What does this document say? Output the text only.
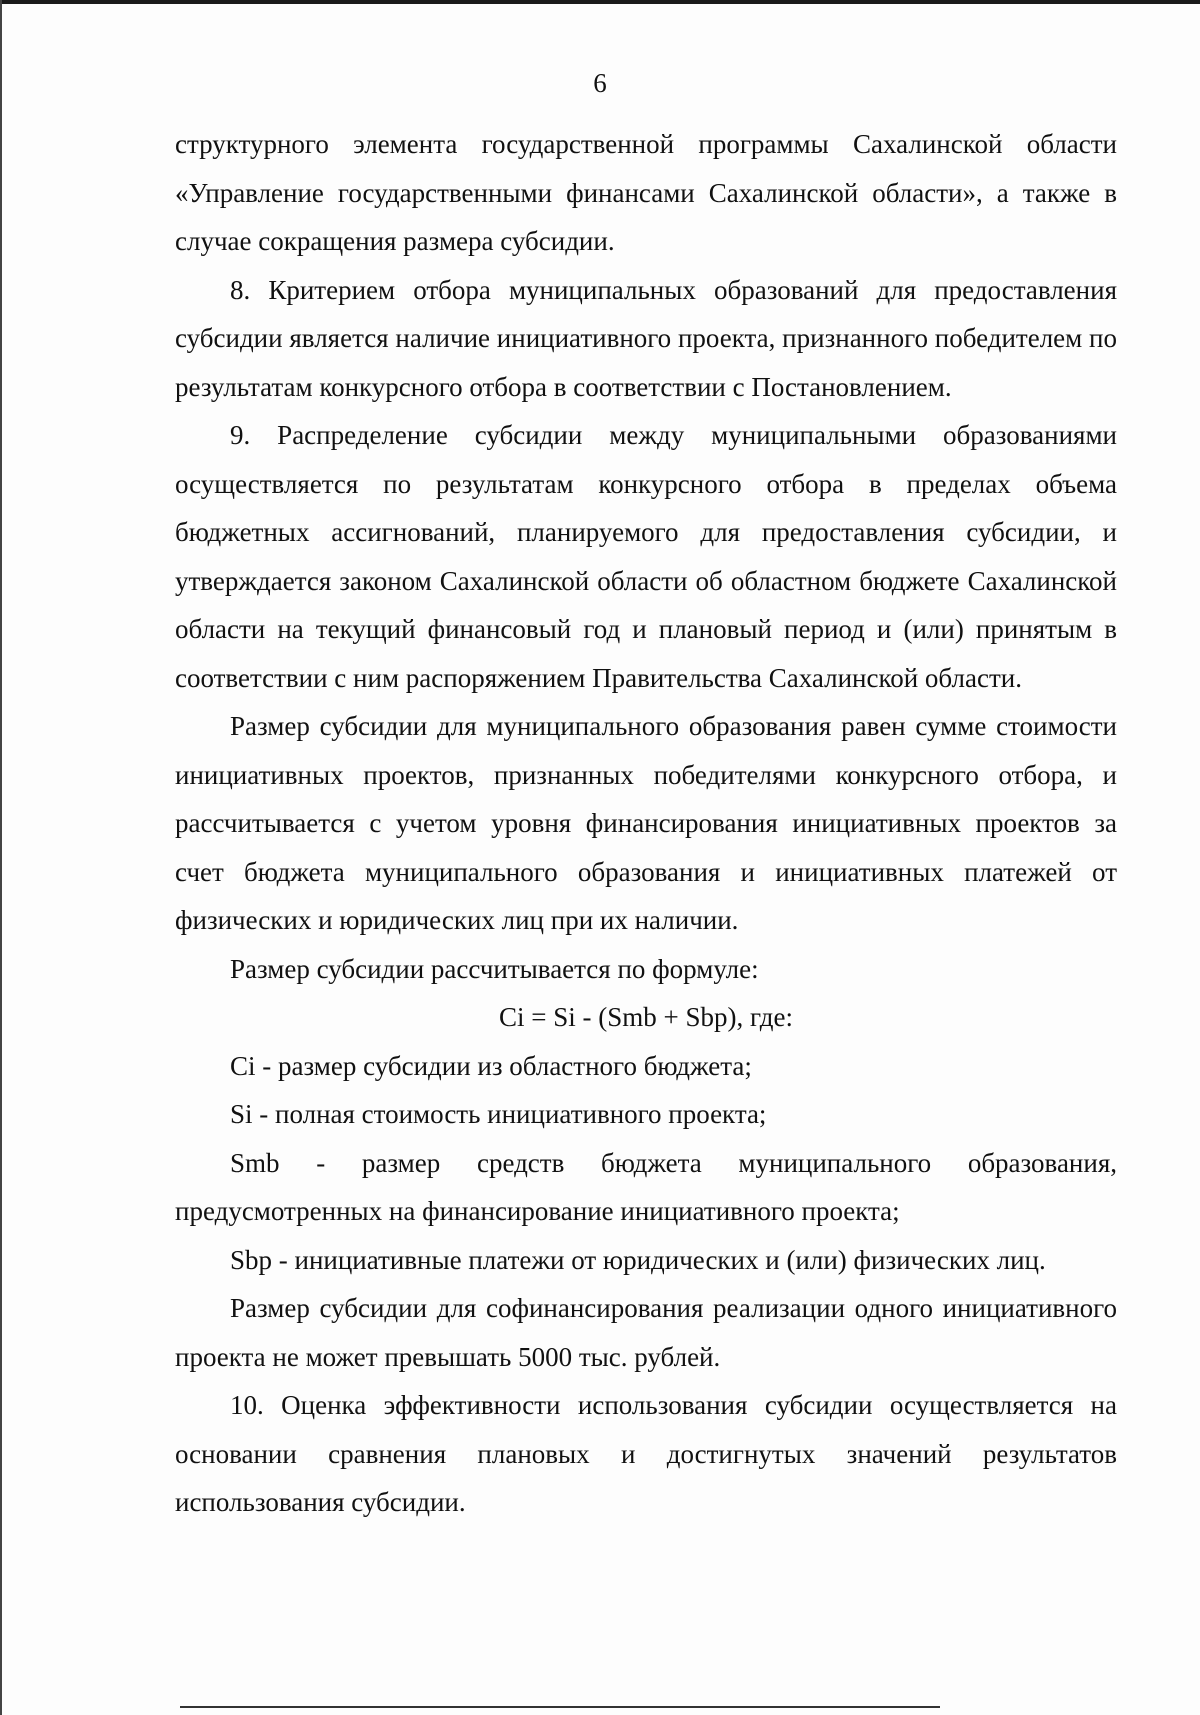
6

структурного элемента государственной программы Сахалинской области «Управление государственными финансами Сахалинской области», а также в случае сокращения размера субсидии.

8. Критерием отбора муниципальных образований для предоставления субсидии является наличие инициативного проекта, признанного победителем по результатам конкурсного отбора в соответствии с Постановлением.

9. Распределение субсидии между муниципальными образованиями осуществляется по результатам конкурсного отбора в пределах объема бюджетных ассигнований, планируемого для предоставления субсидии, и утверждается законом Сахалинской области об областном бюджете Сахалинской области на текущий финансовый год и плановый период и (или) принятым в соответствии с ним распоряжением Правительства Сахалинской области.

Размер субсидии для муниципального образования равен сумме стоимости инициативных проектов, признанных победителями конкурсного отбора, и рассчитывается с учетом уровня финансирования инициативных проектов за счет бюджета муниципального образования и инициативных платежей от физических и юридических лиц при их наличии.

Размер субсидии рассчитывается по формуле:

Ci = Si - (Smb + Sbp), где:

Ci - размер субсидии из областного бюджета;

Si - полная стоимость инициативного проекта;

Smb - размер средств бюджета муниципального образования, предусмотренных на финансирование инициативного проекта;

Sbp - инициативные платежи от юридических и (или) физических лиц.

Размер субсидии для софинансирования реализации одного инициативного проекта не может превышать 5000 тыс. рублей.

10. Оценка эффективности использования субсидии осуществляется на основании сравнения плановых и достигнутых значений результатов использования субсидии.
